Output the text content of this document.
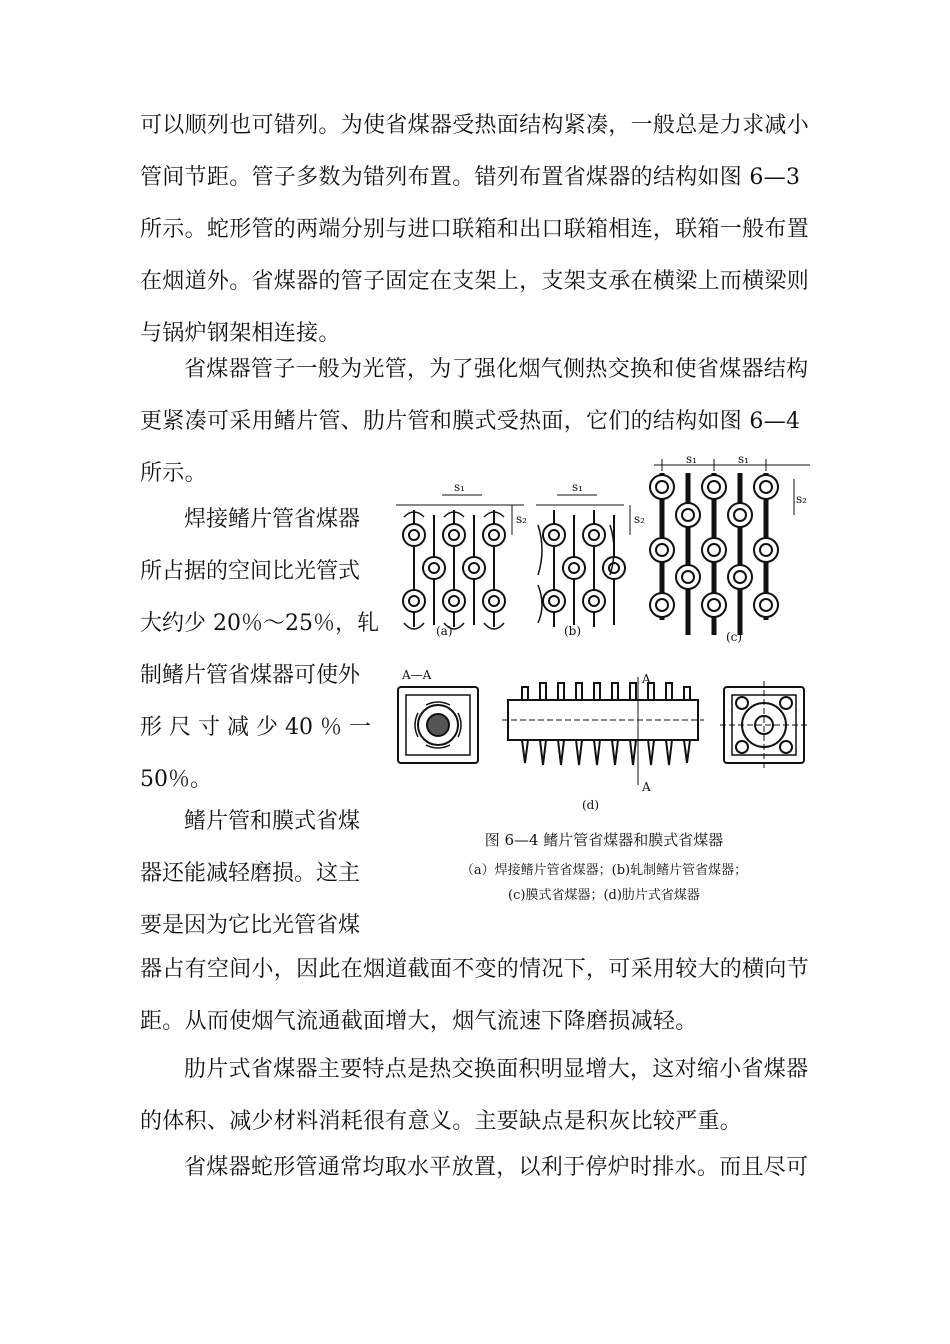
可以顺列也可错列。为使省煤器受热面结构紧凑，一般总是力求减小
管间节距。管子多数为错列布置。错列布置省煤器的结构如图 6—3
所示。蛇形管的两端分别与进口联箱和出口联箱相连，联箱一般布置
在烟道外。省煤器的管子固定在支架上，支架支承在横梁上而横梁则
与锅炉钢架相连接。
省煤器管子一般为光管，为了强化烟气侧热交换和使省煤器结构
更紧凑可采用鳍片管、肋片管和膜式受热面，它们的结构如图 6—4
所示。
焊接鳍片管省煤器
所占据的空间比光管式
大约少 20％～25％，轧
制鳍片管省煤器可使外
形 尺 寸 减 少 40 ％ 一
50％。
鳍片管和膜式省煤
器还能减轻磨损。这主
要是因为它比光管省煤
器占有空间小，因此在烟道截面不变的情况下，可采用较大的横向节
距。从而使烟气流通截面增大，烟气流速下降磨损减轻。
肋片式省煤器主要特点是热交换面积明显增大，这对缩小省煤器
的体积、减少材料消耗很有意义。主要缺点是积灰比较严重。
省煤器蛇形管通常均取水平放置，以利于停炉时排水。而且尽可
(a)	(b)	(c)
(d)
s₁	s₁
s₁	s₁
s₂	s₂
s₂
A—A	A
A
图 6—4 鳍片管省煤器和膜式省煤器
（a）焊接鳍片管省煤器；(b)轧制鳍片管省煤器；
(c)膜式省煤器；(d)肋片式省煤器
